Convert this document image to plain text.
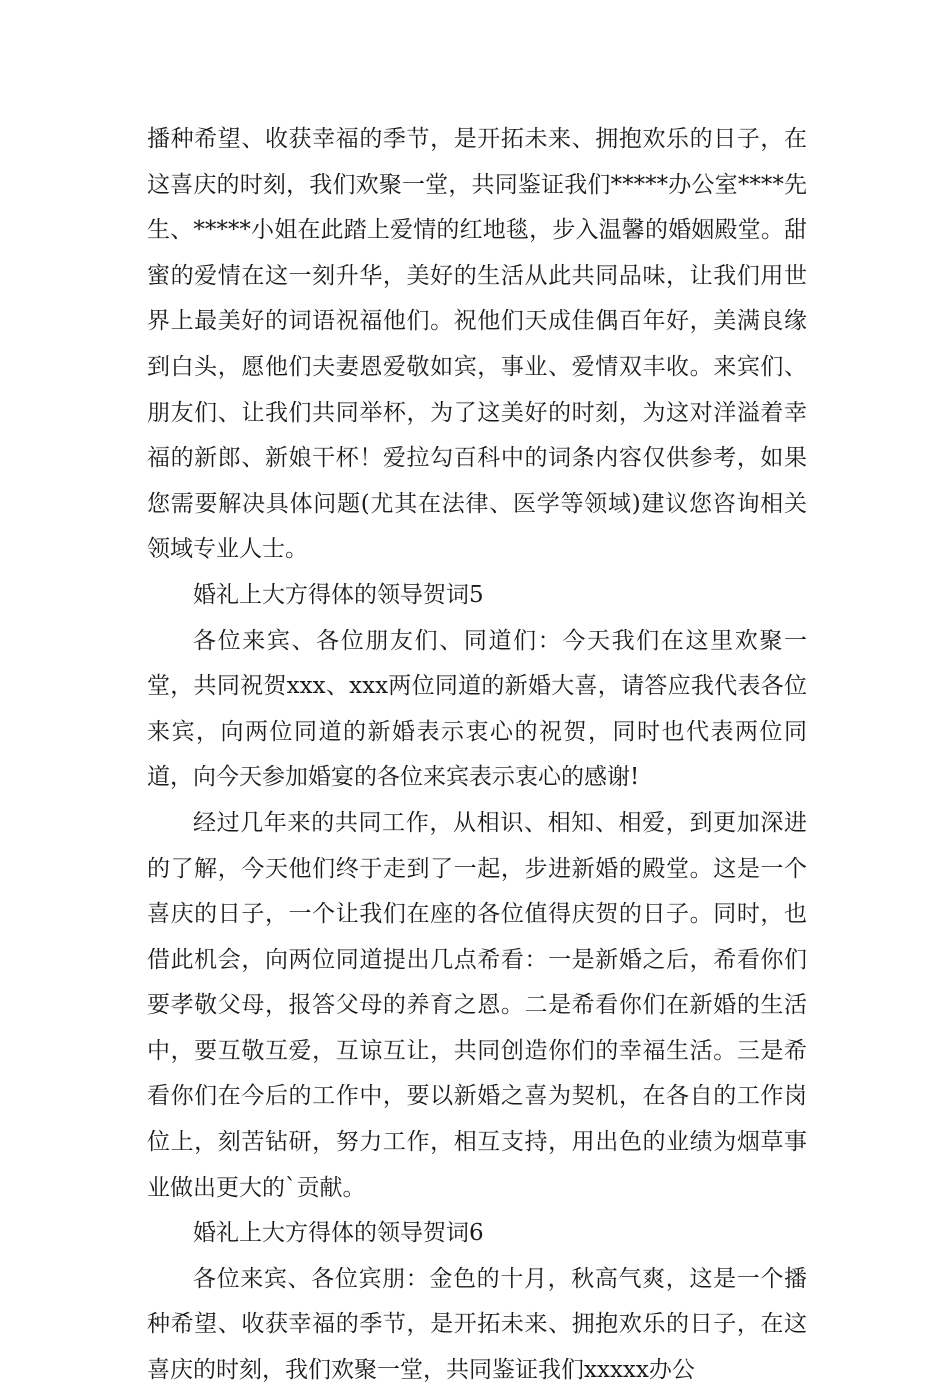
播种希望、收获幸福的季节，是开拓未来、拥抱欢乐的日子，在这喜庆的时刻，我们欢聚一堂，共同鉴证我们*****办公室****先生、*****小姐在此踏上爱情的红地毯，步入温馨的婚姻殿堂。甜蜜的爱情在这一刻升华，美好的生活从此共同品味，让我们用世界上最美好的词语祝福他们。祝他们天成佳偶百年好，美满良缘到白头，愿他们夫妻恩爱敬如宾，事业、爱情双丰收。来宾们、朋友们、让我们共同举杯，为了这美好的时刻，为这对洋溢着幸福的新郎、新娘干杯！爱拉勾百科中的词条内容仅供参考，如果您需要解决具体问题(尤其在法律、医学等领域)建议您咨询相关领域专业人士。

婚礼上大方得体的领导贺词5

各位来宾、各位朋友们、同道们：今天我们在这里欢聚一堂，共同祝贺xxx、xxx两位同道的新婚大喜，请答应我代表各位来宾，向两位同道的新婚表示衷心的祝贺，同时也代表两位同道，向今天参加婚宴的各位来宾表示衷心的感谢!

经过几年来的共同工作，从相识、相知、相爱，到更加深进的了解，今天他们终于走到了一起，步进新婚的殿堂。这是一个喜庆的日子，一个让我们在座的各位值得庆贺的日子。同时，也借此机会，向两位同道提出几点希看：一是新婚之后，希看你们要孝敬父母，报答父母的养育之恩。二是希看你们在新婚的生活中，要互敬互爱，互谅互让，共同创造你们的幸福生活。三是希看你们在今后的工作中，要以新婚之喜为契机，在各自的工作岗位上，刻苦钻研，努力工作，相互支持，用出色的业绩为烟草事业做出更大的`贡献。

婚礼上大方得体的领导贺词6

各位来宾、各位宾朋：金色的十月，秋高气爽，这是一个播种希望、收获幸福的季节，是开拓未来、拥抱欢乐的日子，在这喜庆的时刻，我们欢聚一堂，共同鉴证我们xxxxx办公
